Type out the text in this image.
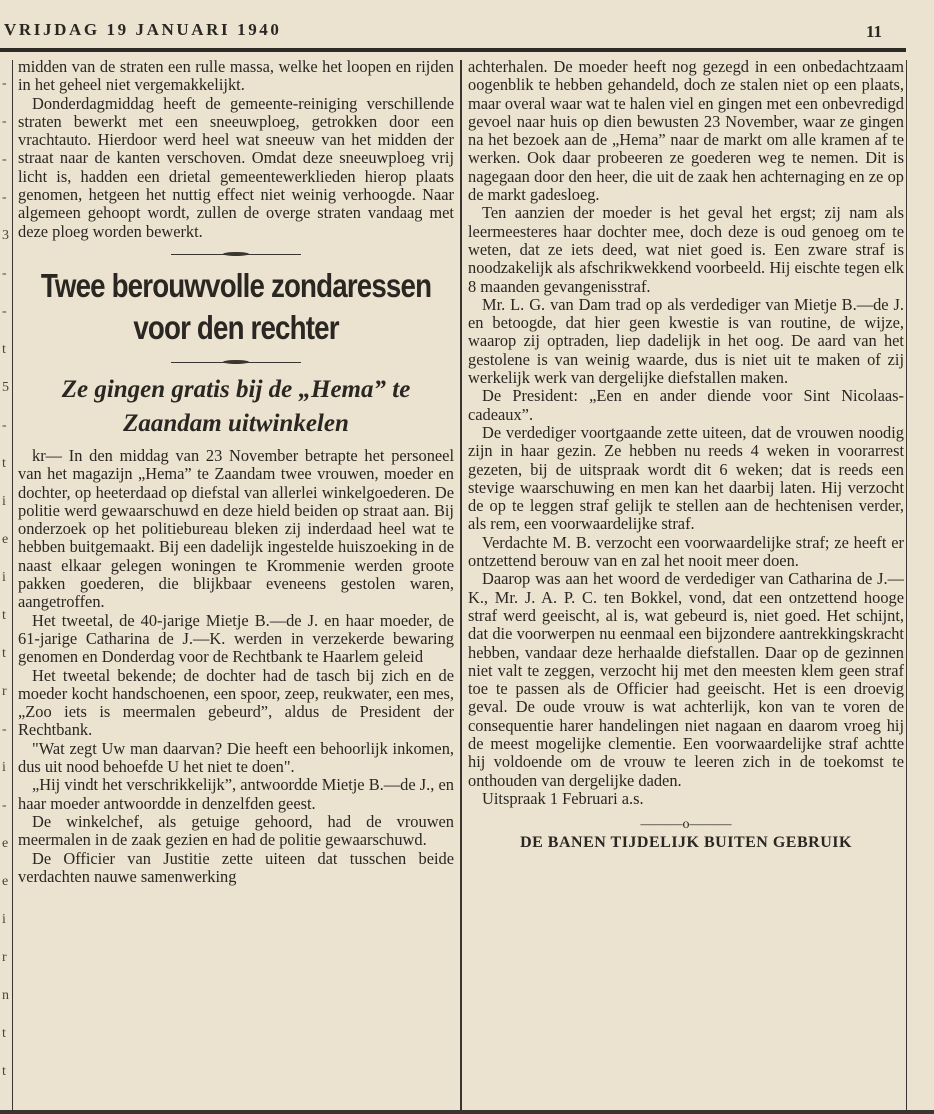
VRIJDAG 19 JANUARI 1940	11
-
-
-
-
3
-
-
t
5
-
t
i
e
i
t
t
r
-
i
-
e
e
i
r
n
t
t

midden van de straten een rulle massa, welke het loopen en rijden in het geheel niet vergemakkelijkt.

Donderdagmiddag heeft de gemeente-reiniging verschillende straten bewerkt met een sneeuwploeg, getrokken door een vrachtauto. Hierdoor werd heel wat sneeuw van het midden der straat naar de kanten verschoven. Omdat deze sneeuwploeg vrij licht is, hadden een drietal gemeentewerklieden hierop plaats genomen, hetgeen het nuttig effect niet weinig verhoogde. Naar algemeen gehoopt wordt, zullen de overge straten vandaag met deze ploeg worden bewerkt.

Twee berouwvolle zondaressen
voor den rechter
Ze gingen gratis bij de „Hema” te
Zaandam uitwinkelen

kr— In den middag van 23 November betrapte het personeel van het magazijn „Hema” te Zaandam twee vrouwen, moeder en dochter, op heeterdaad op diefstal van allerlei winkelgoederen. De politie werd gewaarschuwd en deze hield beiden op straat aan. Bij onderzoek op het politiebureau bleken zij inderdaad heel wat te hebben buitgemaakt. Bij een dadelijk ingestelde huiszoeking in de naast elkaar gelegen woningen te Krommenie werden groote pakken goederen, die blijkbaar eveneens gestolen waren, aangetroffen.

Het tweetal, de 40-jarige Mietje B.—de J. en haar moeder, de 61-jarige Catharina de J.—K. werden in verzekerde bewaring genomen en Donderdag voor de Rechtbank te Haarlem geleid

Het tweetal bekende; de dochter had de tasch bij zich en de moeder kocht handschoenen, een spoor, zeep, reukwater, een mes, „Zoo iets is meermalen gebeurd”, aldus de President der Rechtbank.

"Wat zegt Uw man daarvan? Die heeft een behoorlijk inkomen, dus uit nood behoefde U het niet te doen".

„Hij vindt het verschrikkelijk”, antwoordde Mietje B.—de J., en haar moeder antwoordde in denzelfden geest.

De winkelchef, als getuige gehoord, had de vrouwen meermalen in de zaak gezien en had de politie gewaarschuwd.

De Officier van Justitie zette uiteen dat tusschen beide verdachten nauwe samenwerking

achterhalen. De moeder heeft nog gezegd in een onbedachtzaam oogenblik te hebben gehandeld, doch ze stalen niet op een plaats, maar overal waar wat te halen viel en gingen met een onbevredigd gevoel naar huis op dien bewusten 23 November, waar ze gingen na het bezoek aan de „Hema” naar de markt om alle kramen af te werken. Ook daar probeeren ze goederen weg te nemen. Dit is nagegaan door den heer, die uit de zaak hen achternaging en ze op de markt gadesloeg.

Ten aanzien der moeder is het geval het ergst; zij nam als leermeesteres haar dochter mee, doch deze is oud genoeg om te weten, dat ze iets deed, wat niet goed is. Een zware straf is noodzakelijk als afschrikwekkend voorbeeld. Hij eischte tegen elk 8 maanden gevangenisstraf.

Mr. L. G. van Dam trad op als verdediger van Mietje B.—de J. en betoogde, dat hier geen kwestie is van routine, de wijze, waarop zij optraden, liep dadelijk in het oog. De aard van het gestolene is van weinig waarde, dus is niet uit te maken of zij werkelijk werk van dergelijke diefstallen maken.

De President: „Een en ander diende voor Sint Nicolaas-cadeaux”.

De verdediger voortgaande zette uiteen, dat de vrouwen noodig zijn in haar gezin. Ze hebben nu reeds 4 weken in voorarrest gezeten, bij de uitspraak wordt dit 6 weken; dat is reeds een stevige waarschuwing en men kan het daarbij laten. Hij verzocht de op te leggen straf gelijk te stellen aan de hechtenisen verder, als rem, een voorwaardelijke straf.

Verdachte M. B. verzocht een voorwaardelijke straf; ze heeft er ontzettend berouw van en zal het nooit meer doen.

Daarop was aan het woord de verdediger van Catharina de J.—K., Mr. J. A. P. C. ten Bokkel, vond, dat een ontzettend hooge straf werd geeischt, al is, wat gebeurd is, niet goed. Het schijnt, dat die voorwerpen nu eenmaal een bijzondere aantrekkingskracht hebben, vandaar deze herhaalde diefstallen. Daar op de gezinnen niet valt te zeggen, verzocht hij met den meesten klem geen straf toe te passen als de Officier had geeischt. Het is een droevig geval. De oude vrouw is wat achterlijk, kon van te voren de consequentie harer handelingen niet nagaan en daarom vroeg hij de meest mogelijke clementie. Een voorwaardelijke straf achtte hij voldoende om de vrouw te leeren zich in de toekomst te onthouden van dergelijke daden.

Uitspraak 1 Februari a.s.

———o———
DE BANEN TIJDELIJK BUITEN GEBRUIK
